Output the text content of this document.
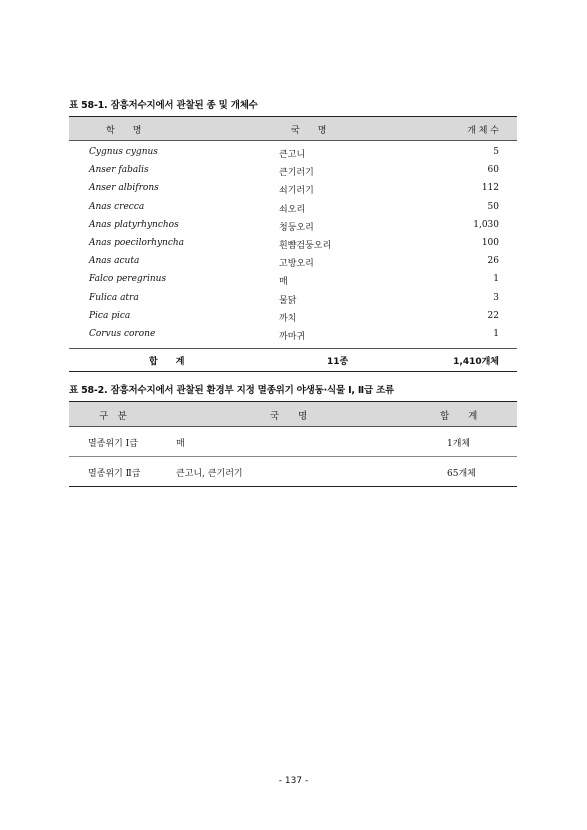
표 58-1. 잠흥저수지에서 관찰된 종 및 개체수
학　　명	국　　명	개 체 수
Cygnus cygnus	큰고니	5
Anser fabalis	큰기러기	60
Anser albifrons	쇠기러기	112
Anas crecca	쇠오리	50
Anas platyrhynchos	청둥오리	1,030
Anas poecilorhyncha	흰뺨검둥오리	100
Anas acuta	고방오리	26
Falco peregrinus	매	1
Fulica atra	물닭	3
Pica pica	까치	22
Corvus corone	까마귀	1
합　　계	11종	1,410개체
표 58-2. 잠흥저수지에서 관찰된 환경부 지정 멸종위기 야생동·식물 Ⅰ, Ⅱ급 조류
구　분	국　　명	합　　계
멸종위기 Ⅰ급	매	1개체
멸종위기 Ⅱ급	큰고니, 큰기러기	65개체
- 137 -
